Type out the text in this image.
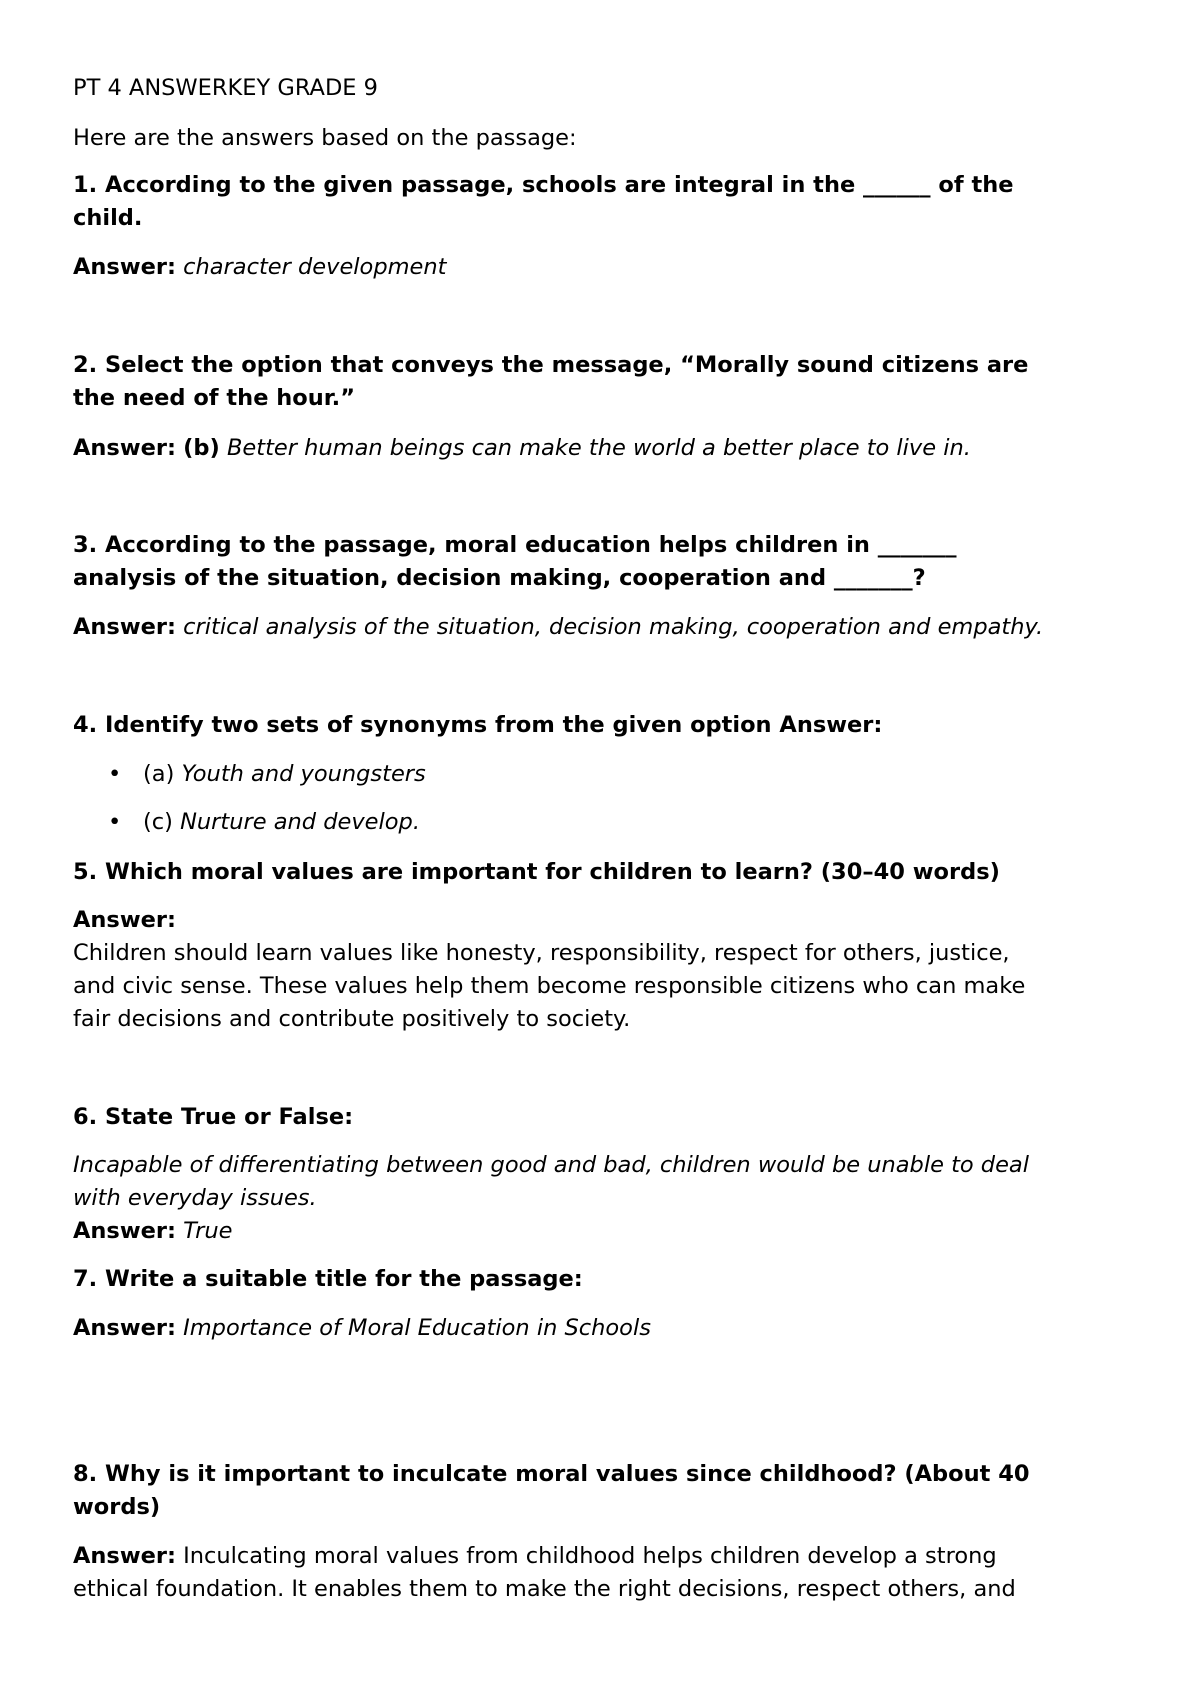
PT 4 ANSWERKEY GRADE 9
Here are the answers based on the passage:
1. According to the given passage, schools are integral in the ______ of the
child.
Answer: character development
2. Select the option that conveys the message, “Morally sound citizens are
the need of the hour.”
Answer: (b) Better human beings can make the world a better place to live in.
3. According to the passage, moral education helps children in _______
analysis of the situation, decision making, cooperation and _______?
Answer: critical analysis of the situation, decision making, cooperation and empathy.
4. Identify two sets of synonyms from the given option Answer:
• (a) Youth and youngsters
• (c) Nurture and develop.
5. Which moral values are important for children to learn? (30–40 words)
Answer:
Children should learn values like honesty, responsibility, respect for others, justice,
and civic sense. These values help them become responsible citizens who can make
fair decisions and contribute positively to society.
6. State True or False:
Incapable of differentiating between good and bad, children would be unable to deal
with everyday issues.
Answer: True
7. Write a suitable title for the passage:
Answer: Importance of Moral Education in Schools
8. Why is it important to inculcate moral values since childhood? (About 40
words)
Answer: Inculcating moral values from childhood helps children develop a strong
ethical foundation. It enables them to make the right decisions, respect others, and
